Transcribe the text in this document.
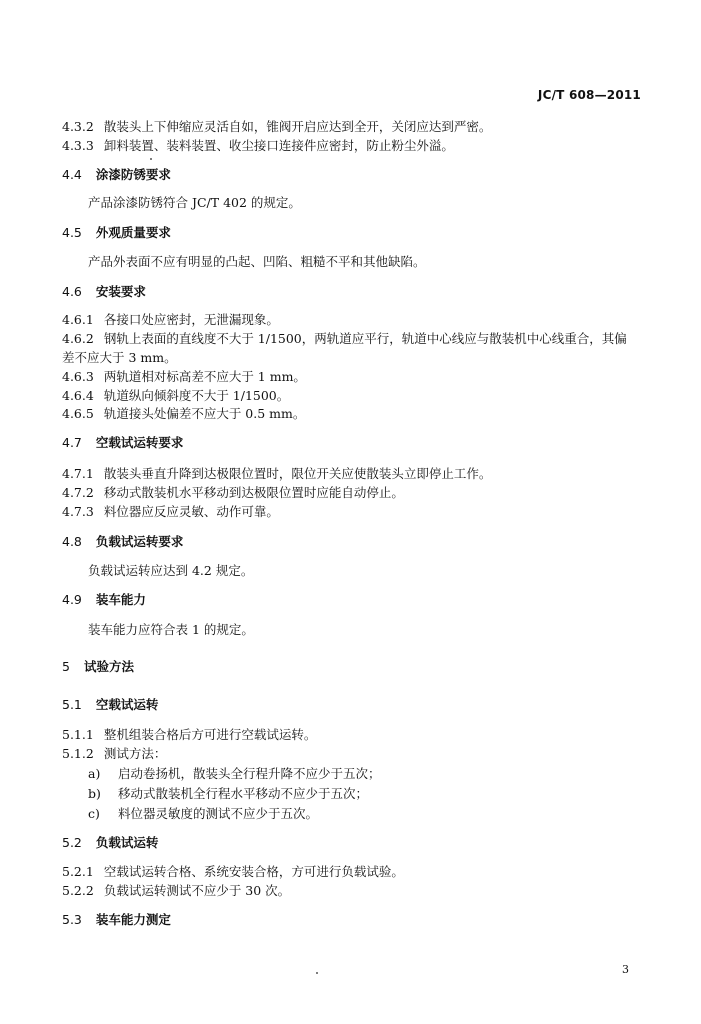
JC/T 608—2011
4.3.2 散装头上下伸缩应灵活自如，锥阀开启应达到全开，关闭应达到严密。
4.3.3 卸料装置、装料装置、收尘接口连接件应密封，防止粉尘外溢。
4.4 涂漆防锈要求
产品涂漆防锈符合 JC/T 402 的规定。
4.5 外观质量要求
产品外表面不应有明显的凸起、凹陷、粗糙不平和其他缺陷。
4.6 安装要求
4.6.1 各接口处应密封，无泄漏现象。
4.6.2 钢轨上表面的直线度不大于 1/1500，两轨道应平行，轨道中心线应与散装机中心线重合，其偏
差不应大于 3 mm。
4.6.3 两轨道相对标高差不应大于 1 mm。
4.6.4 轨道纵向倾斜度不大于 1/1500。
4.6.5 轨道接头处偏差不应大于 0.5 mm。
4.7 空载试运转要求
4.7.1 散装头垂直升降到达极限位置时，限位开关应使散装头立即停止工作。
4.7.2 移动式散装机水平移动到达极限位置时应能自动停止。
4.7.3 料位器应反应灵敏、动作可靠。
4.8 负载试运转要求
负载试运转应达到 4.2 规定。
4.9 装车能力
装车能力应符合表 1 的规定。
5 试验方法
5.1 空载试运转
5.1.1 整机组装合格后方可进行空载试运转。
5.1.2 测试方法：
a) 启动卷扬机，散装头全行程升降不应少于五次；
b) 移动式散装机全行程水平移动不应少于五次；
c) 料位器灵敏度的测试不应少于五次。
5.2 负载试运转
5.2.1 空载试运转合格、系统安装合格，方可进行负载试验。
5.2.2 负载试运转测试不应少于 30 次。
5.3 装车能力测定
3
